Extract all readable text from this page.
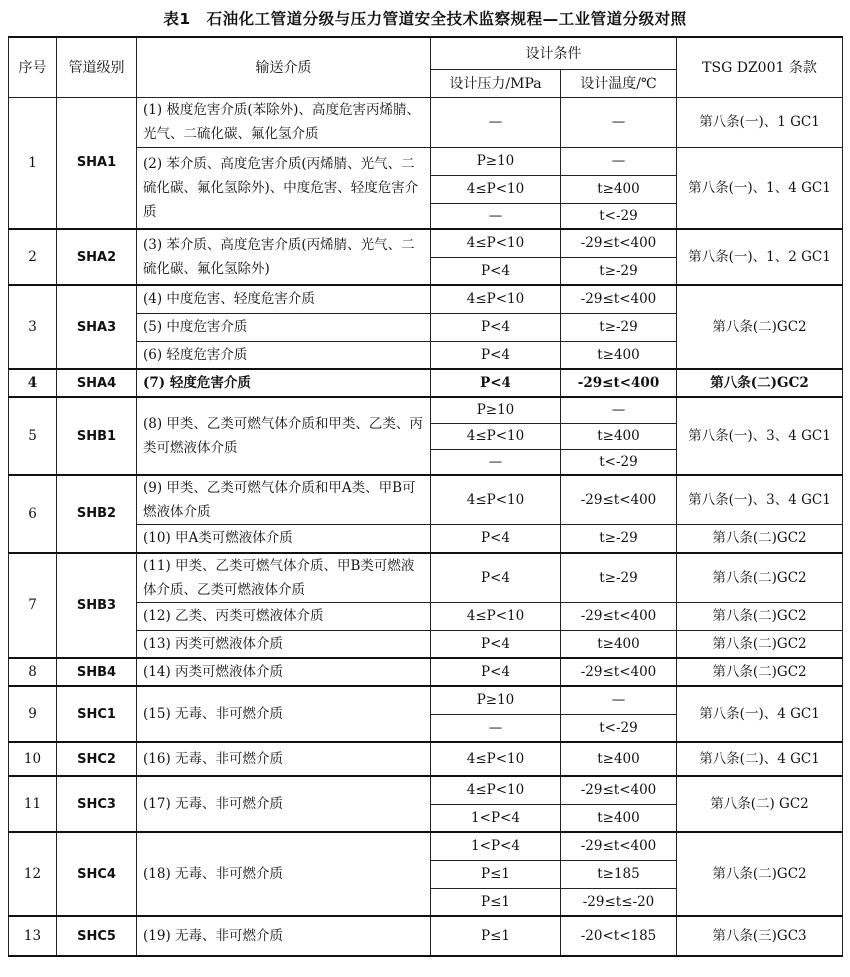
表1　石油化工管道分级与压力管道安全技术监察规程—工业管道分级对照
序号	管道级别	输送介质	设计条件		TSG DZ001 条款
			设计压力/MPa	设计温度/℃	
1	SHA1	(1) 极度危害介质(苯除外)、高度危害丙烯腈、光气、二硫化碳、氟化氢介质	—	—	第八条(一)、1 GC1
		(2) 苯介质、高度危害介质(丙烯腈、光气、二硫化碳、氟化氢除外)、中度危害、轻度危害介质	P≥10	—	第八条(一)、1、4 GC1
			4≤P<10	t≥400	
			—	t<-29	
2	SHA2	(3) 苯介质、高度危害介质(丙烯腈、光气、二硫化碳、氟化氢除外)	4≤P<10	-29≤t<400	第八条(一)、1、2 GC1
			P<4	t≥-29	
3	SHA3	(4) 中度危害、轻度危害介质	4≤P<10	-29≤t<400	第八条(二)GC2
		(5) 中度危害介质	P<4	t≥-29	
		(6) 轻度危害介质	P<4	t≥400	
4	SHA4	(7) 轻度危害介质	P<4	-29≤t<400	第八条(二)GC2
5	SHB1	(8) 甲类、乙类可燃气体介质和甲类、乙类、丙类可燃液体介质	P≥10	—	第八条(一)、3、4 GC1
			4≤P<10	t≥400	
			—	t<-29	
6	SHB2	(9) 甲类、乙类可燃气体介质和甲A类、甲B可燃液体介质	4≤P<10	-29≤t<400	第八条(一)、3、4 GC1
		(10) 甲A类可燃液体介质	P<4	t≥-29	第八条(二)GC2
7	SHB3	(11) 甲类、乙类可燃气体介质、甲B类可燃液体介质、乙类可燃液体介质	P<4	t≥-29	第八条(二)GC2
		(12) 乙类、丙类可燃液体介质	4≤P<10	-29≤t<400	第八条(二)GC2
		(13) 丙类可燃液体介质	P<4	t≥400	第八条(二)GC2
8	SHB4	(14) 丙类可燃液体介质	P<4	-29≤t<400	第八条(二)GC2
9	SHC1	(15) 无毒、非可燃介质	P≥10	—	第八条(一)、4 GC1
			—	t<-29	
10	SHC2	(16) 无毒、非可燃介质	4≤P<10	t≥400	第八条(二)、4 GC1
11	SHC3	(17) 无毒、非可燃介质	4≤P<10	-29≤t<400	第八条(二) GC2
			1<P<4	t≥400	
12	SHC4	(18) 无毒、非可燃介质	1<P<4	-29≤t<400	第八条(二)GC2
			P≤1	t≥185	
			P≤1	-29≤t≤-20	
13	SHC5	(19) 无毒、非可燃介质	P≤1	-20<t<185	第八条(三)GC3
